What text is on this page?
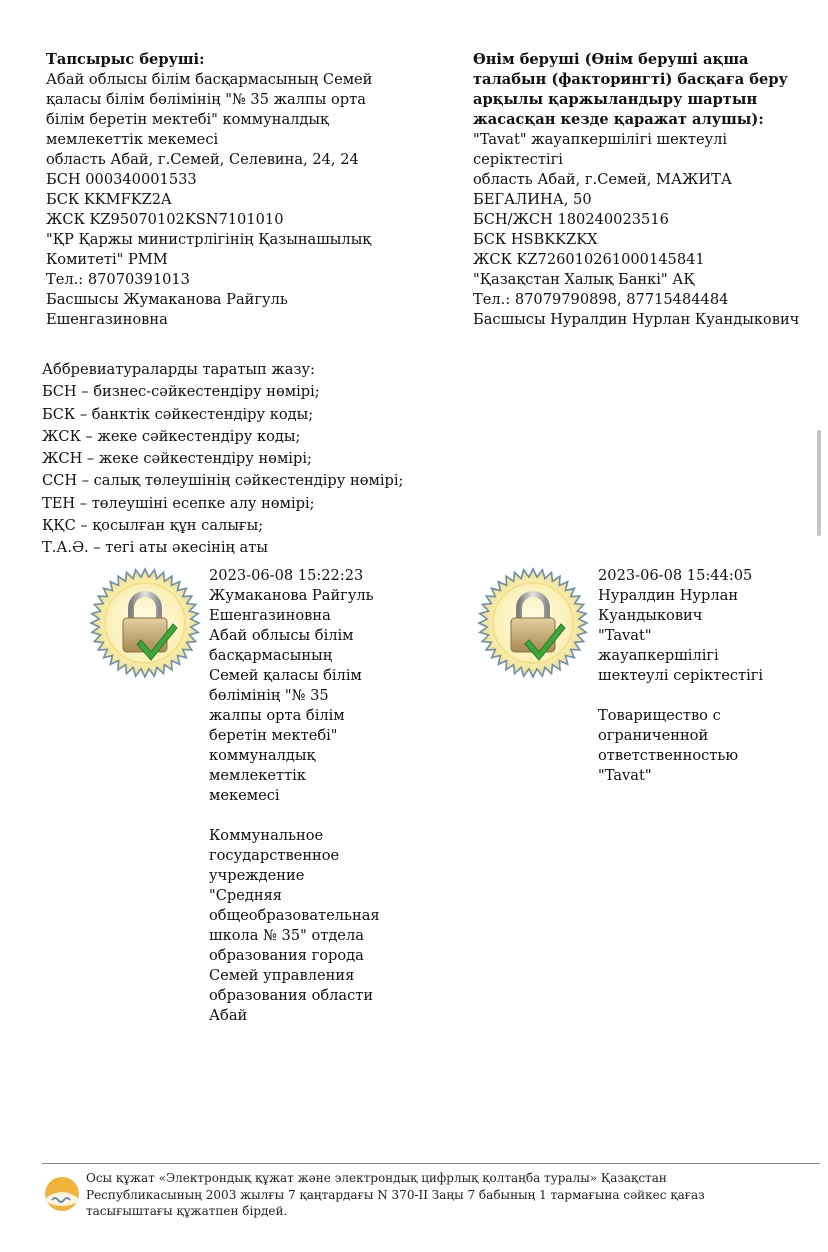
Тапсырыс беруші:
Абай облысы білім басқармасының Семей
қаласы білім бөлімінің "№ 35 жалпы орта
білім беретін мектебі" коммуналдық
мемлекеттік мекемесі
область Абай, г.Семей, Селевина, 24, 24
БСН 000340001533
БСК KKMFKZ2A
ЖСК KZ95070102KSN7101010
"ҚР Қаржы министрлігінің Қазынашылық
Комитеті" РММ
Тел.: 87070391013
Басшысы Жумаканова Райгуль
Ешенгазиновна
Өнім беруші (Өнім беруші ақша
талабын (факторингті) басқаға беру
арқылы қаржыландыру шартын
жасасқан кезде қаражат алушы):
"Tavat" жауапкершілігі шектеулі
серіктестігі
область Абай, г.Семей, МАЖИТА
БЕГАЛИНА, 50
БСН/ЖСН 180240023516
БСК HSBKKZKX
ЖСК KZ726010261000145841
"Қазақстан Халық Банкі" АҚ
Тел.: 87079790898, 87715484484
Басшысы Нуралдин Нурлан Куандыкович
Аббревиатураларды таратып жазу:
БСН – бизнес-сәйкестендіру нөмірі;
БСК – банктік сәйкестендіру коды;
ЖСК – жеке сәйкестендіру коды;
ЖСН – жеке сәйкестендіру нөмірі;
ССН – салық төлеушінің сәйкестендіру нөмірі;
ТЕН – төлеушіні есепке алу нөмірі;
ҚҚС – қосылған құн салығы;
Т.А.Ә. – тегі аты әкесінің аты
2023-06-08 15:22:23
Жумаканова Райгуль
Ешенгазиновна
Абай облысы білім
басқармасының
Семей қаласы білім
бөлімінің "№ 35
жалпы орта білім
беретін мектебі"
коммуналдық
мемлекеттік
мекемесі
Коммунальное
государственное
учреждение
"Средняя
общеобразовательная
школа № 35" отдела
образования города
Семей управления
образования области
Абай
2023-06-08 15:44:05
Нуралдин Нурлан
Куандыкович
"Tavat"
жауапкершілігі
шектеулі серіктестігі
Товарищество с
ограниченной
ответственностью
"Tavat"
Осы құжат «Электрондық құжат және электрондық цифрлық қолтаңба туралы» Қазақстан
Республикасының 2003 жылғы 7 қаңтардағы N 370-II Заңы 7 бабының 1 тармағына сәйкес қағаз
тасығыштағы құжатпен бірдей.
